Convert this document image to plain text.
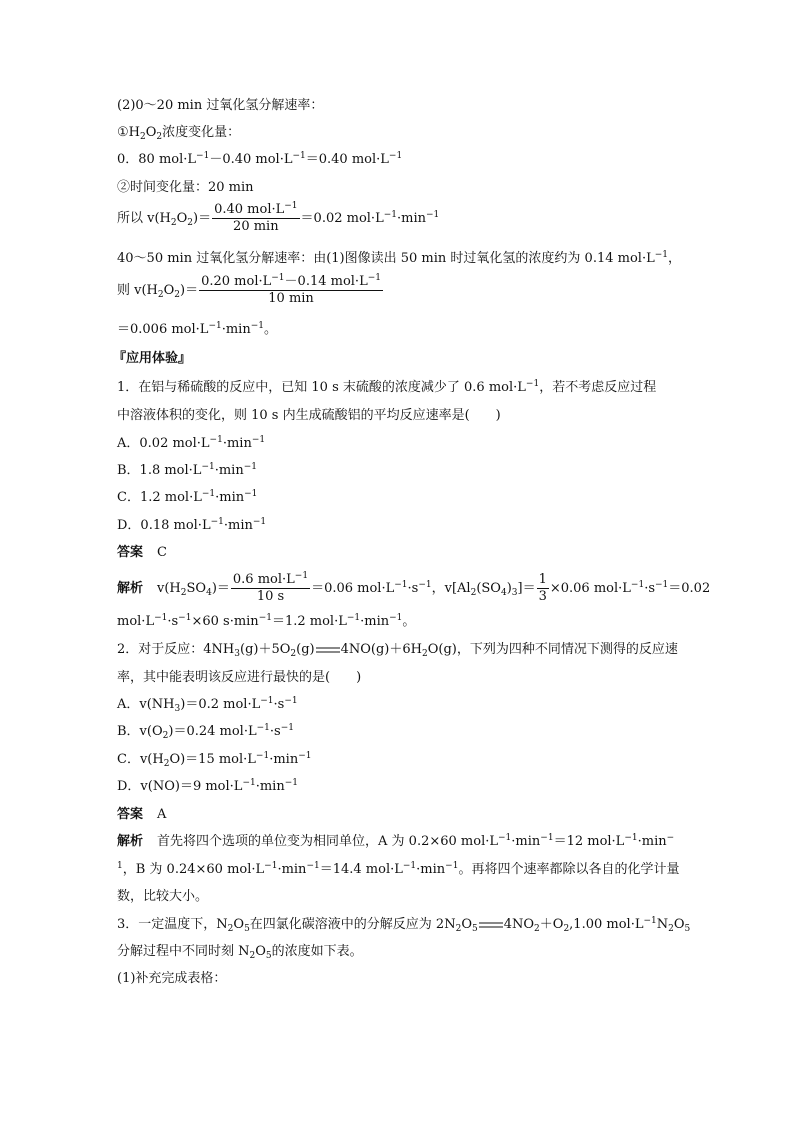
(2)0～20 min 过氧化氢分解速率：
$①H_2O_2$浓度变化量：
0．80 $mol\cdot L^{-1}-0.40$ $mol\cdot L^{-1}=0.40$ $mol\cdot L^{-1}$
②时间变化量：20 min
所以 $v(H_2O_2)= \frac{0.40 mol\cdot L^{-1}}{20 \min} =0.02$ $mol\cdot L^{-1}\cdot\min^{-1}$
40～50 min 过氧化氢分解速率：由(1)图像读出 50 min 时过氧化氢的浓度约为 0.14 $mol\cdot L^{-1}$，
则 $v(H_2O_2)= \frac{0.20 mol\cdot L^{-1}-0.14 mol\cdot L^{-1}}{10 \min}$
＝0.006 $mol\cdot L^{-1}\cdot\min^{-1}$。
『应用体验』
1．在铝与稀硫酸的反应中，已知 10 s 末硫酸的浓度减少了 0.6 $mol\cdot L^{-1}$，若不考虑反应过程
中溶液体积的变化，则 10 s 内生成硫酸铝的平均反应速率是(　　)
A．0.02 $mol\cdot L^{-1}\cdot\min^{-1}$
B．1.8 $mol\cdot L^{-1}\cdot\min^{-1}$
C．1.2 $mol\cdot L^{-1}\cdot\min^{-1}$
D．0.18 $mol\cdot L^{-1}\cdot\min^{-1}$
答案 C
解析 $v(H_2SO_4)= \frac{0.6 mol\cdot L^{-1}}{10 s} =0.06$ $mol\cdot L^{-1}\cdot s^{-1}$，$v[Al_2(SO_4)_3]= \frac{1}{3} \times 0.06$ $mol\cdot L^{-1}\cdot s^{-1}=0.02$
$mol\cdot L^{-1}\cdot s^{-1}\times 60$ $s\cdot\min^{-1}=1.2$ $mol\cdot L^{-1}\cdot\min^{-1}$。
2．对于反应：$4NH_3(g)+5O_2(g)$ $4NO(g)+6H_2O(g)$，下列为四种不同情况下测得的反应速
率，其中能表明该反应进行最快的是(　　)
A．$v(NH_3)=0.2$ $mol\cdot L^{-1}\cdot s^{-1}$
B．$v(O_2)=0.24$ $mol\cdot L^{-1}\cdot s^{-1}$
C．$v(H_2O)=15$ $mol\cdot L^{-1}\cdot\min^{-1}$
D．v(NO)＝9 $mol\cdot L^{-1}\cdot\min^{-1}$
答案 A
解析 首先将四个选项的单位变为相同单位，A 为 0.2×60 $mol\cdot L^{-1}\cdot\min^{-1}=12$ $mol\cdot L^{-1}\cdot\min^-$
$^1$，B 为 0.24×60 $mol\cdot L^{-1}\cdot\min^{-1}=14.4$ $mol\cdot L^{-1}\cdot\min^{-1}$。再将四个速率都除以各自的化学计量
数，比较大小。
3．一定温度下，$N_2O_5$在四氯化碳溶液中的分解反应为 $2N_2O_5$ $4NO_2+O_2,1.00$ $mol\cdot L^{-1}N_2O_5$
分解过程中不同时刻 $N_2O_5$的浓度如下表。
(1)补充完成表格：
